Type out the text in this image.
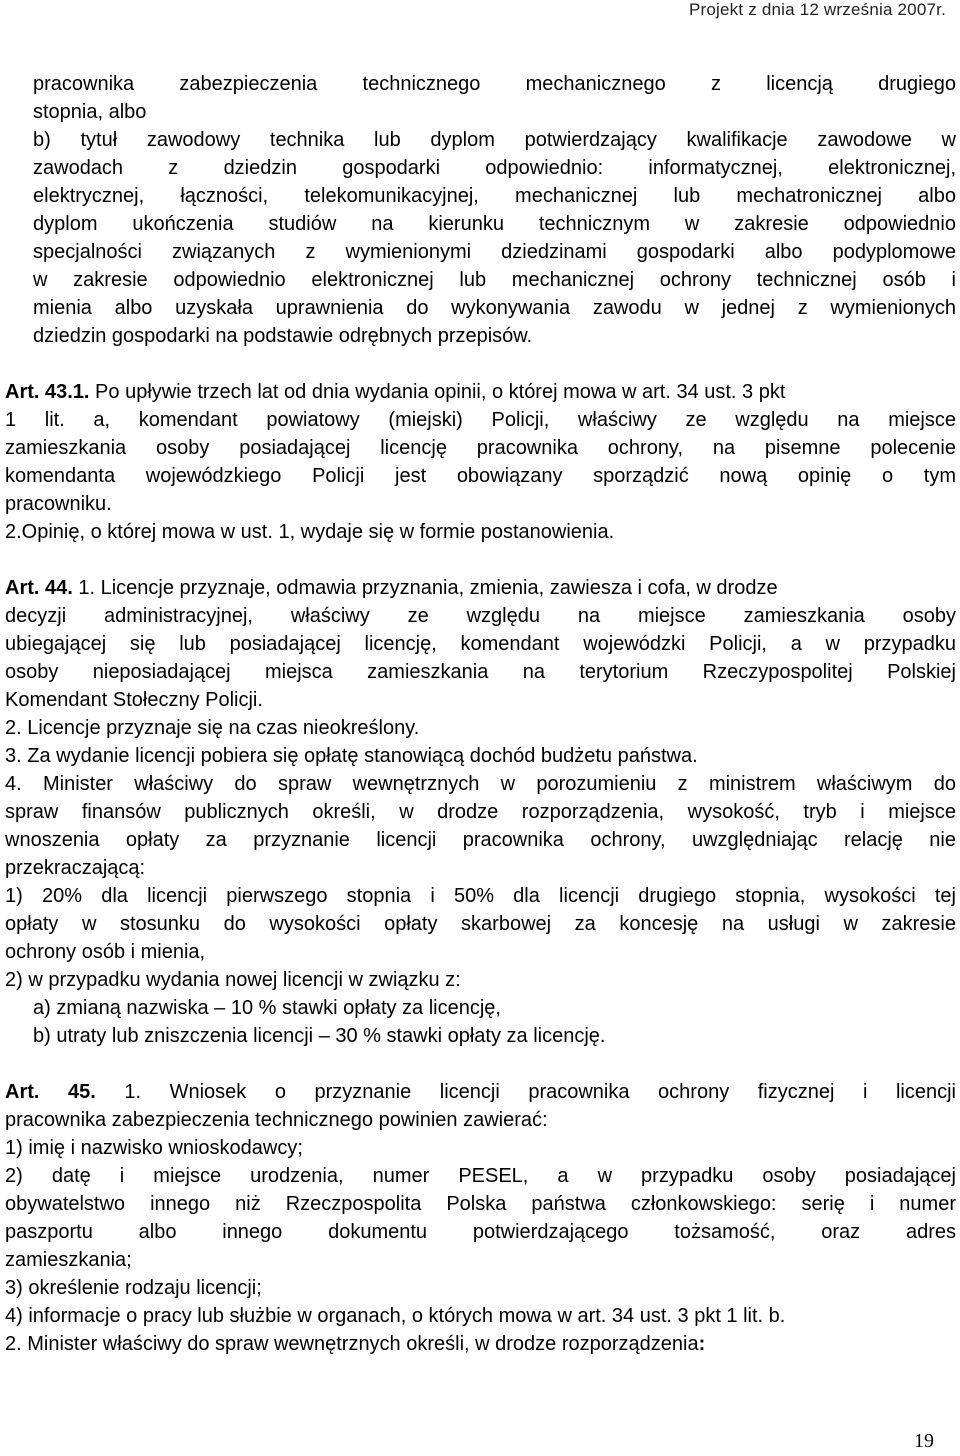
Projekt z dnia 12 września 2007r.
pracownika zabezpieczenia technicznego mechanicznego z licencją drugiego
stopnia, albo
b) tytuł zawodowy technika lub dyplom potwierdzający kwalifikacje zawodowe w
zawodach z dziedzin gospodarki odpowiednio: informatycznej, elektronicznej,
elektrycznej, łączności, telekomunikacyjnej, mechanicznej lub mechatronicznej albo
dyplom ukończenia studiów na kierunku technicznym w zakresie odpowiednio
specjalności związanych z wymienionymi dziedzinami gospodarki albo podyplomowe
w zakresie odpowiednio elektronicznej lub mechanicznej ochrony technicznej osób i
mienia albo uzyskała uprawnienia do wykonywania zawodu w jednej z wymienionych
dziedzin gospodarki na podstawie odrębnych przepisów.
Art. 43.1. Po upływie trzech lat od dnia wydania opinii, o której mowa w art. 34 ust. 3 pkt
1 lit. a, komendant powiatowy (miejski) Policji, właściwy ze względu na miejsce
zamieszkania osoby posiadającej licencję pracownika ochrony, na pisemne polecenie
komendanta wojewódzkiego Policji jest obowiązany sporządzić nową opinię o tym
pracowniku.
2.Opinię, o której mowa w ust. 1, wydaje się w formie postanowienia.
Art. 44. 1. Licencje przyznaje, odmawia przyznania, zmienia, zawiesza i cofa, w drodze
decyzji administracyjnej, właściwy ze względu na miejsce zamieszkania osoby
ubiegającej się lub posiadającej licencję, komendant wojewódzki Policji, a w przypadku
osoby nieposiadającej miejsca zamieszkania na terytorium Rzeczypospolitej Polskiej
Komendant Stołeczny Policji.
2. Licencje przyznaje się na czas nieokreślony.
3. Za wydanie licencji pobiera się opłatę stanowiącą dochód budżetu państwa.
4. Minister właściwy do spraw wewnętrznych w porozumieniu z ministrem właściwym do
spraw finansów publicznych określi, w drodze rozporządzenia, wysokość, tryb i miejsce
wnoszenia opłaty za przyznanie licencji pracownika ochrony, uwzględniając relację nie
przekraczającą:
1) 20% dla licencji pierwszego stopnia i 50% dla licencji drugiego stopnia, wysokości tej
opłaty w stosunku do wysokości opłaty skarbowej za koncesję na usługi w zakresie
ochrony osób i mienia,
2) w przypadku wydania nowej licencji w związku z:
a) zmianą nazwiska – 10 % stawki opłaty za licencję,
b) utraty lub zniszczenia licencji – 30 % stawki opłaty za licencję.
Art. 45. 1. Wniosek o przyznanie licencji pracownika ochrony fizycznej i licencji
pracownika zabezpieczenia technicznego powinien zawierać:
1) imię i nazwisko wnioskodawcy;
2) datę i miejsce urodzenia, numer PESEL, a w przypadku osoby posiadającej
obywatelstwo innego niż Rzeczpospolita Polska państwa członkowskiego: serię i numer
paszportu albo innego dokumentu potwierdzającego tożsamość, oraz adres
zamieszkania;
3) określenie rodzaju licencji;
4) informacje o pracy lub służbie w organach, o których mowa w art. 34 ust. 3 pkt 1 lit. b.
2. Minister właściwy do spraw wewnętrznych określi, w drodze rozporządzenia:
19
